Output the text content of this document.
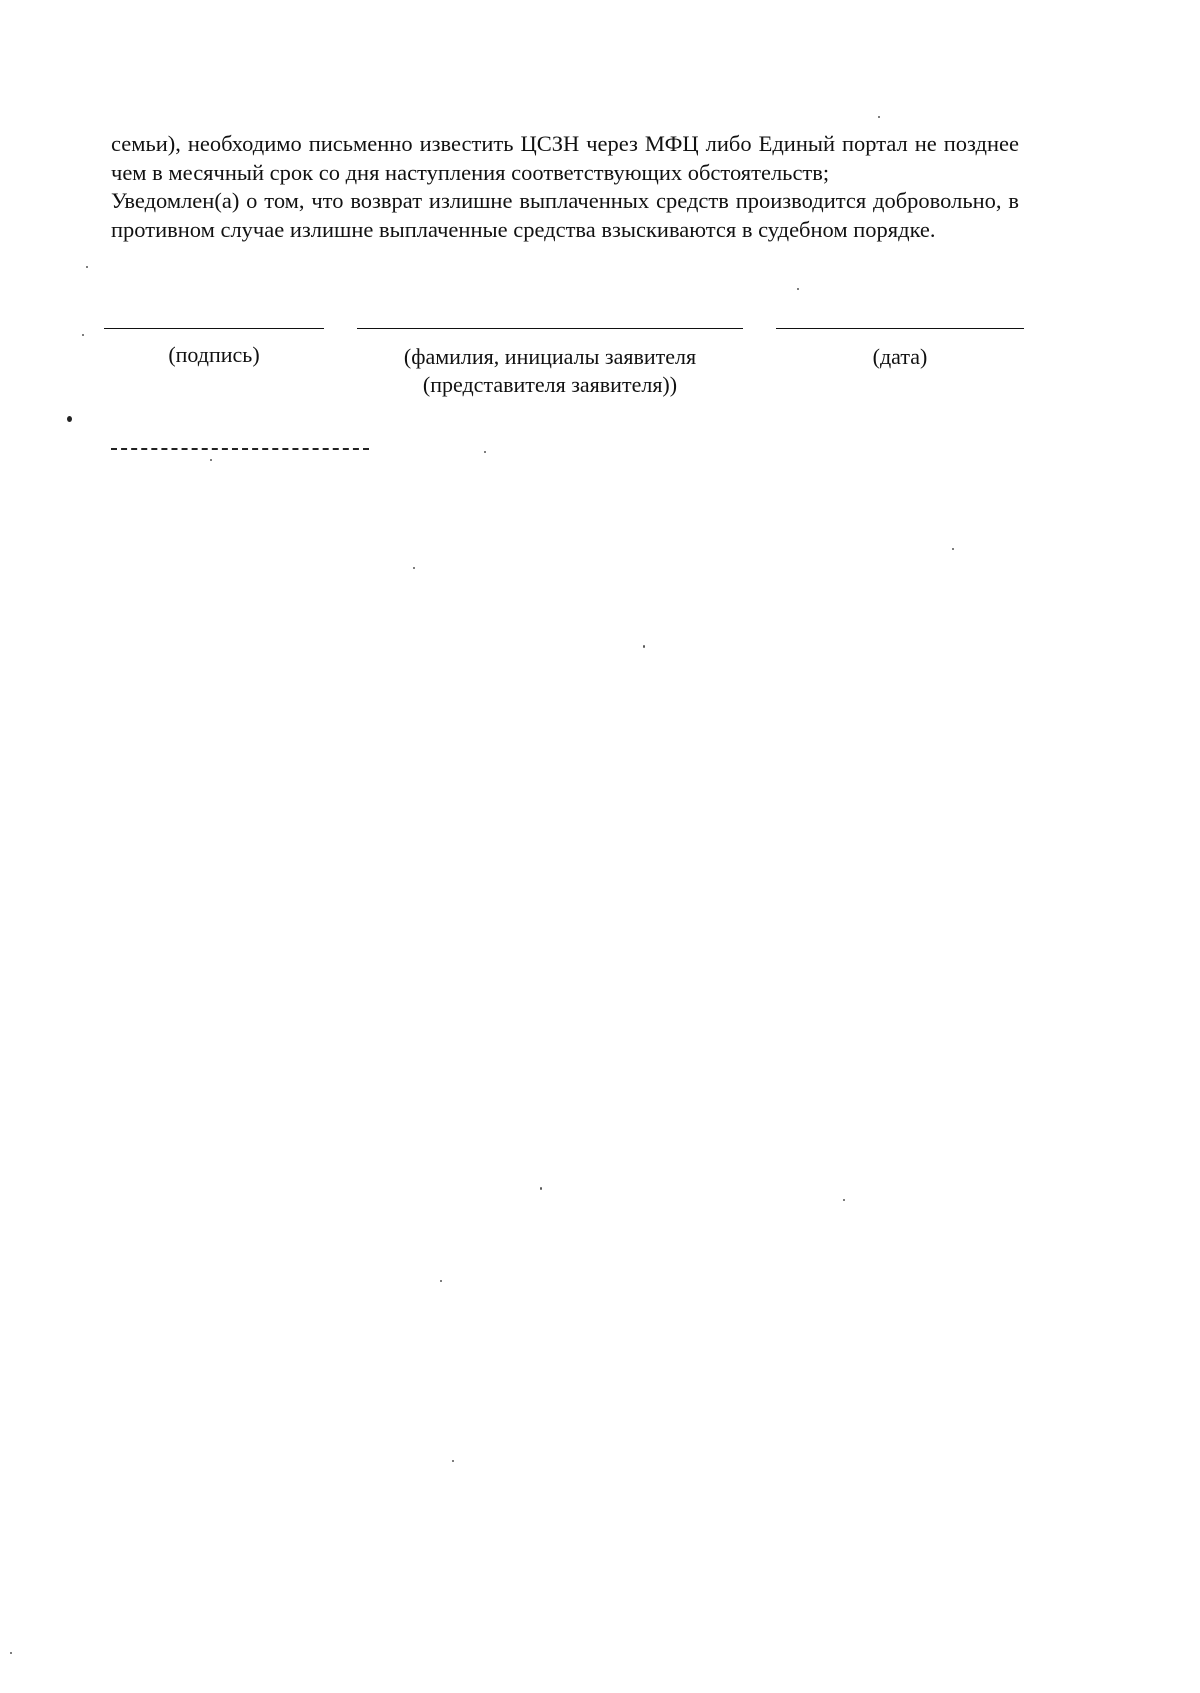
семьи), необходимо письменно известить ЦСЗН через МФЦ либо Единый портал не позднее чем в месячный срок со дня наступления соответствующих обстоятельств;

Уведомлен(а) о том, что возврат излишне выплаченных средств производится добровольно, в противном случае излишне выплаченные средства взыскиваются в судебном порядке.

(подпись)	(фамилия, инициалы заявителя
(представителя заявителя))
(дата)
